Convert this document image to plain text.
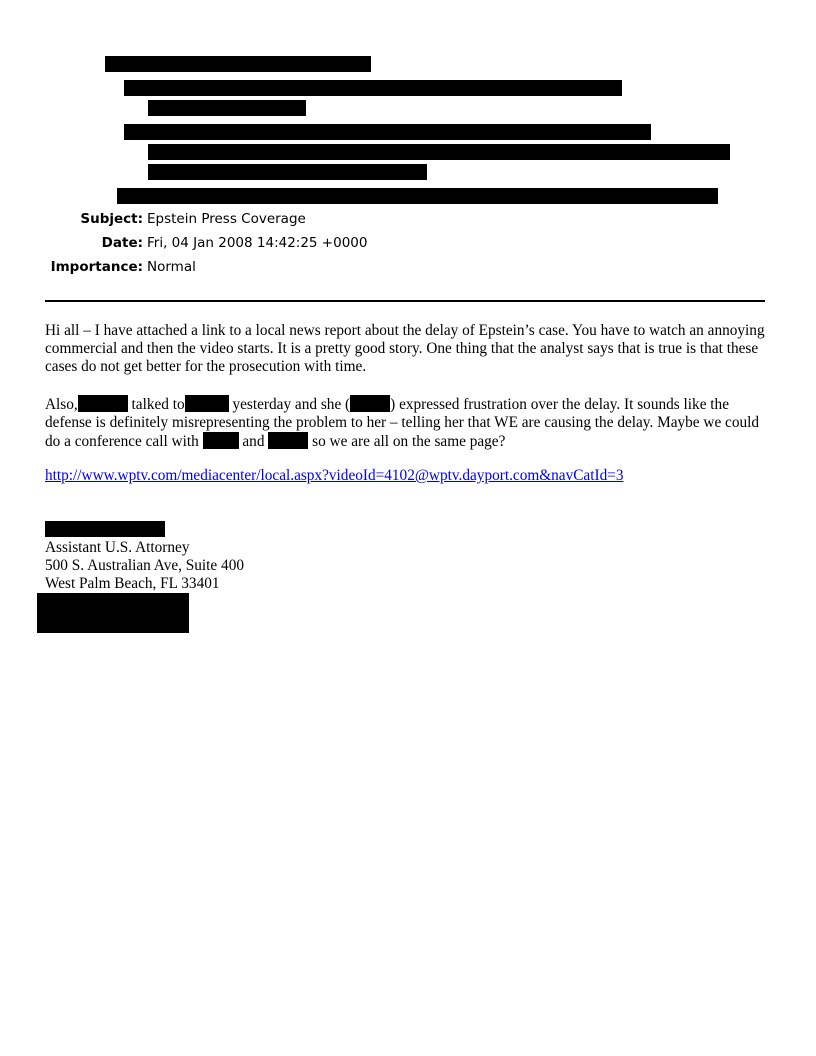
Subject: Epstein Press Coverage
Date: Fri, 04 Jan 2008 14:42:25 +0000
Importance: Normal

Hi all – I have attached a link to a local news report about the delay of Epstein’s case. You have to watch an annoying commercial and then the video starts. It is a pretty good story. One thing that the analyst says that is true is that these cases do not get better for the prosecution with time.

Also,	talked to	yesterday and she (	) expressed frustration over the delay. It sounds like the defense is definitely misrepresenting the problem to her – telling her that WE are causing the delay. Maybe we could do a conference call with  and	so we are all on the same page?

http://www.wptv.com/mediacenter/local.aspx?videoId=4102@wptv.dayport.com&navCatId=3

Assistant U.S. Attorney
500 S. Australian Ave, Suite 400
West Palm Beach, FL 33401
